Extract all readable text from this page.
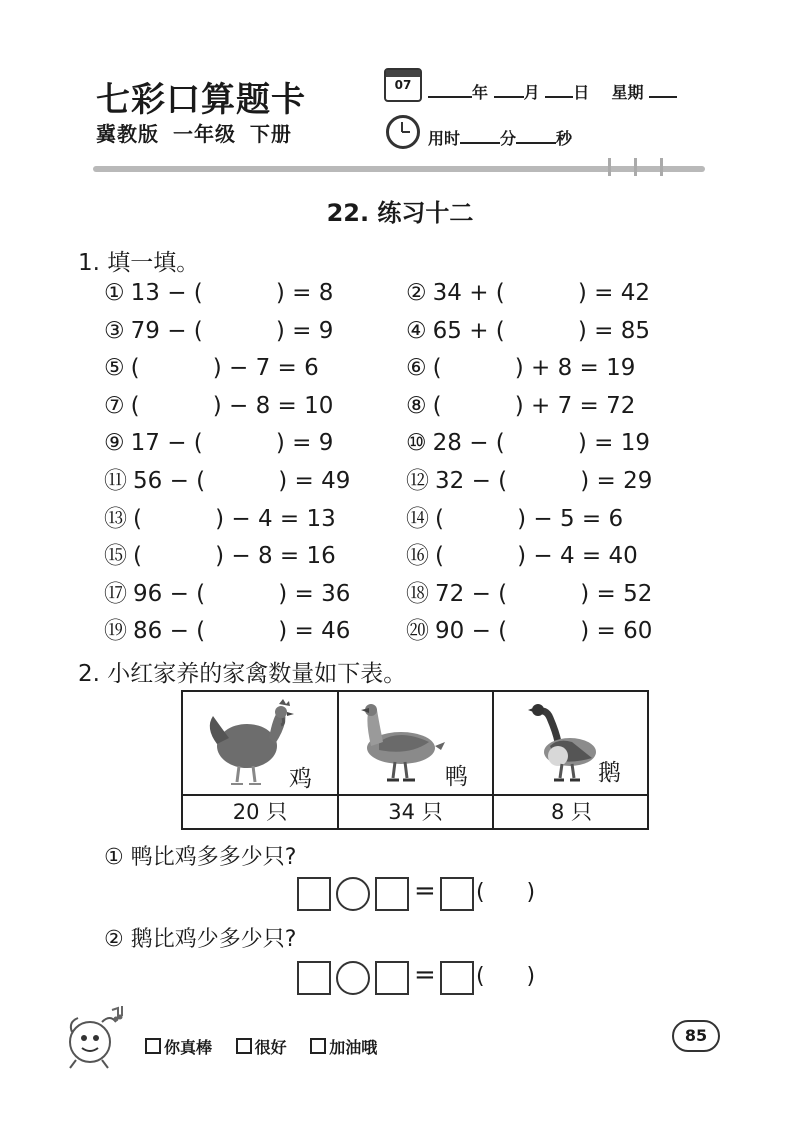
七彩口算题卡
冀教版 一年级 下册
07	年 月 日 星期
用时	分	秒
22. 练习十二
1. 填一填。
① 13 − (          ) = 8	② 34 + (          ) = 42
③ 79 − (          ) = 9	④ 65 + (          ) = 85
⑤ (          ) − 7 = 6	⑥ (          ) + 8 = 19
⑦ (          ) − 8 = 10	⑧ (          ) + 7 = 72
⑨ 17 − (          ) = 9	⑩ 28 − (          ) = 19
⑪ 56 − (          ) = 49 ⑫ 32 − (          ) = 29
⑬ (          ) − 4 = 13	⑭ (          ) − 5 = 6
⑮ (          ) − 8 = 16	⑯ (          ) − 4 = 40
⑰ 96 − (          ) = 36 ⑱ 72 − (          ) = 52
⑲ 86 − (          ) = 46 ⑳ 90 − (          ) = 60
2. 小红家养的家禽数量如下表。
鸡	鸭	鹅
20 只	34 只	8 只
① 鸭比鸡多多少只?
= (      )
② 鹅比鸡少多少只?
= (      )
你真棒	很好	加油哦
85
